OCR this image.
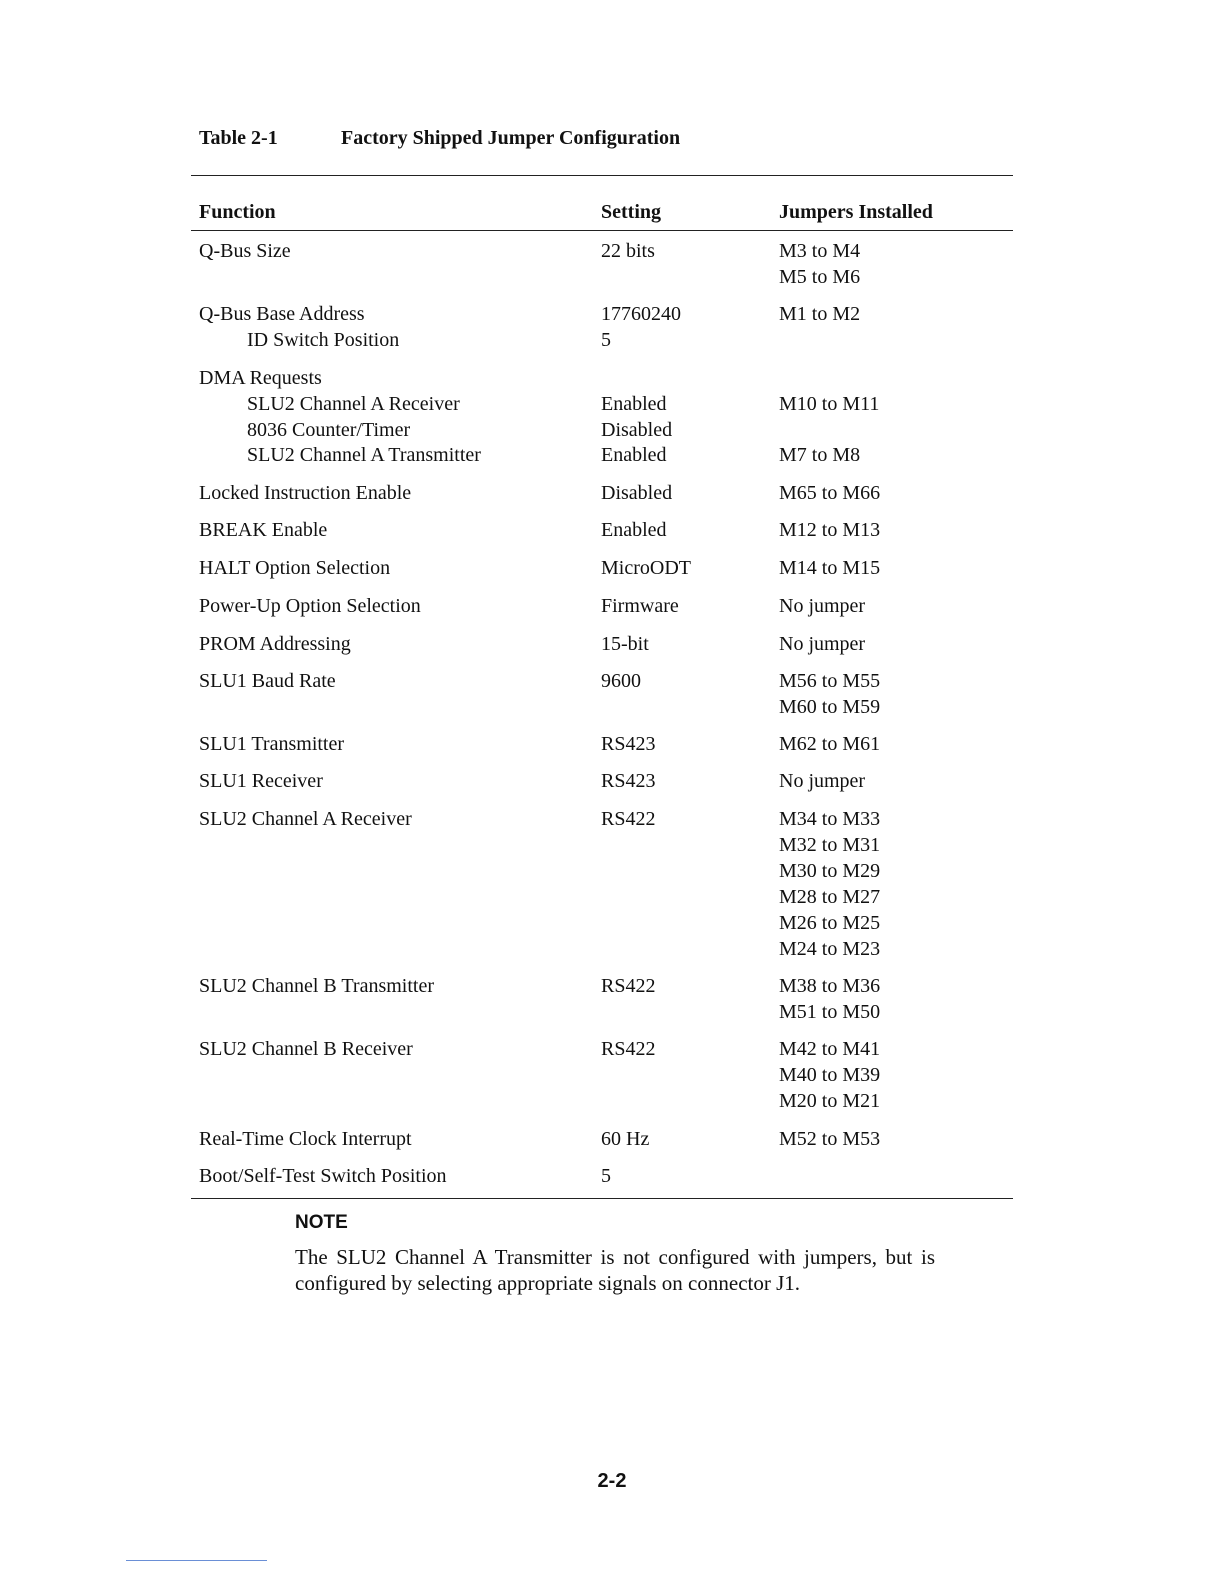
Table 2-1	Factory Shipped Jumper Configuration
Function	Setting	Jumpers Installed
Q-Bus Size	22 bits	M3 to M4
M5 to M6
Q-Bus Base Address	17760240	M1 to M2
ID Switch Position	5
DMA Requests
SLU2 Channel A Receiver	Enabled	M10 to M11
8036 Counter/Timer	Disabled
SLU2 Channel A Transmitter	Enabled	M7 to M8
Locked Instruction Enable	Disabled	M65 to M66
BREAK Enable	Enabled	M12 to M13
HALT Option Selection	MicroODT	M14 to M15
Power-Up Option Selection	Firmware	No jumper
PROM Addressing	15-bit	No jumper
SLU1 Baud Rate	9600	M56 to M55
M60 to M59
SLU1 Transmitter	RS423	M62 to M61
SLU1 Receiver	RS423	No jumper
SLU2 Channel A Receiver	RS422	M34 to M33
M32 to M31
M30 to M29
M28 to M27
M26 to M25
M24 to M23
SLU2 Channel B Transmitter	RS422	M38 to M36
M51 to M50
SLU2 Channel B Receiver	RS422	M42 to M41
M40 to M39
M20 to M21
Real-Time Clock Interrupt	60 Hz	M52 to M53
Boot/Self-Test Switch Position	5
NOTE
The SLU2 Channel A Transmitter is not configured with jumpers, but is configured by selecting appropriate signals on connector J1.
2-2
